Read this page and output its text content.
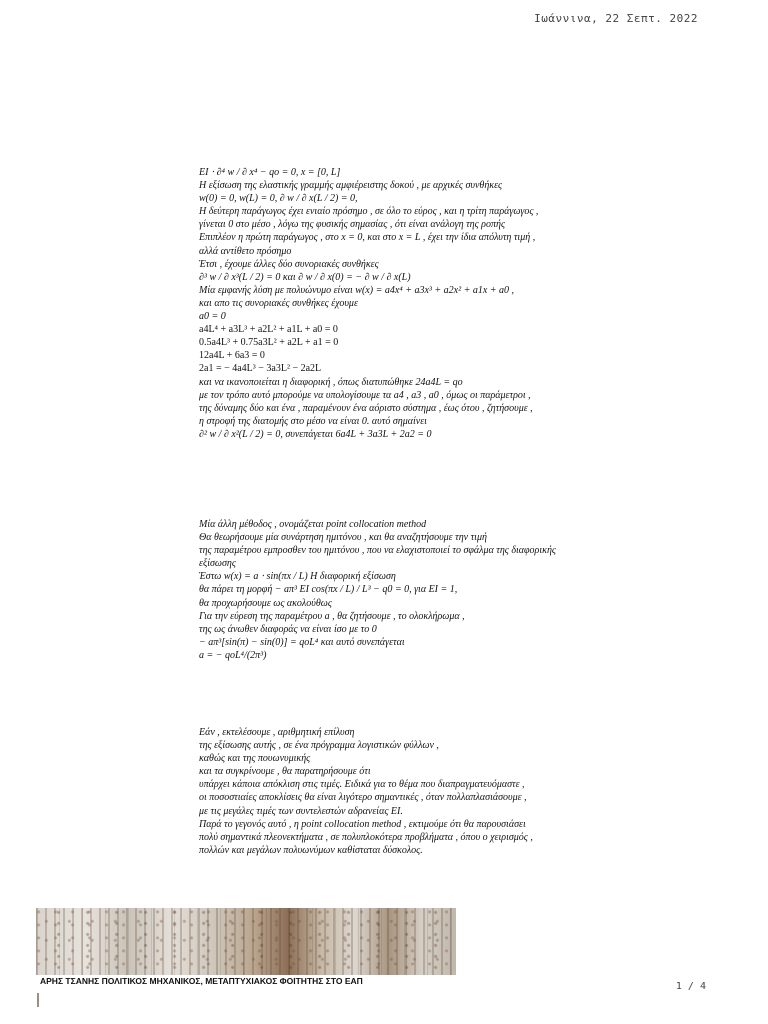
Ιωάννινα, 22 Σεπτ. 2022
EI ⋅ ∂⁴ w / ∂ x⁴ − qo = 0, x = [0, L]
Η εξίσωση της ελαστικής γραμμής αμφιέρειστης δοκού , με αρχικές συνθήκες
w(0) = 0, w(L) = 0, ∂ w / ∂ x(L / 2) = 0,
Η δεύτερη παράγωγος έχει ενιαίο πρόσημο , σε όλο το εύρος , και η τρίτη παράγωγος ,
γίνεται 0 στο μέσο , λόγω της φυσικής σημασίας , ότι είναι ανάλογη της ροπής
Επιπλέον η πρώτη παράγωγος , στο x = 0, και στο x = L , έχει την ίδια απόλυτη τιμή ,
αλλά αντίθετο πρόσημο
Έτσι , έχουμε άλλες δύο συνοριακές συνθήκες
∂³ w / ∂ x³(L / 2) = 0 και ∂ w / ∂ x(0) = − ∂ w / ∂ x(L)
Μία εμφανής λύση με πολυώνυμο είναι w(x) = a4x⁴ + a3x³ + a2x² + a1x + a0 ,
και απο τις συνοριακές συνθήκες έχουμε
a0 = 0
a4L⁴ + a3L³ + a2L² + a1L + a0 = 0
0.5a4L³ + 0.75a3L² + a2L + a1 = 0
12a4L + 6a3 = 0
2a1 = − 4a4L³ − 3a3L² − 2a2L
και να ικανοποιείται η διαφορική , όπως διατυπώθηκε 24a4L = qo
με τον τρόπο αυτό μπορούμε να υπολογίσουμε τα a4 , a3 , a0 , όμως οι παράμετροι ,
της δύναμης δύο και ένα , παραμένουν ένα αόριστο σύστημα , έως ότου , ζητήσουμε ,
η στροφή της διατομής στο μέσο να είναι 0. αυτό σημαίνει
∂² w / ∂ x²(L / 2) = 0, συνεπάγεται 6a4L + 3a3L + 2a2 = 0
Μία άλλη μέθοδος , ονομάζεται point collocation method
Θα θεωρήσουμε μία συνάρτηση ημιτόνου , και θα αναζητήσουμε την τιμή
της παραμέτρου εμπροσθεν του ημιτόνου , που να ελαχιστοποιεί το σφάλμα της διαφορικής
εξίσωσης
Έστω w(x) = a ⋅ sin(πx / L) Η διαφορική εξίσωση
θα πάρει τη μορφή − aπ³ EI cos(πx / L) / L³ − q0 = 0, για EI = 1,
θα προχωρήσουμε ως ακολούθως
Για την εύρεση της παραμέτρου a , θα ζητήσουμε , το ολοκλήρωμα ,
της ως άνωθεν διαφοράς να είναι ίσο με το 0
− aπ³[sin(π) − sin(0)] = qoL⁴ και αυτό συνεπάγεται
a = − qoL⁴/(2π³)
Εάν , εκτελέσουμε , αριθμητική επίλυση
της εξίσωσης αυτής , σε ένα πρόγραμμα λογιστικών φύλλων ,
καθώς και της πουωνυμικής
και τα συγκρίνουμε , θα παρατηρήσουμε ότι
υπάρχει κάποια απόκλιση στις τιμές. Ειδικά για το θέμα που διαπραγματευόμαστε ,
οι ποσοστιαίες αποκλίσεις θα είναι λιγότερο σημαντικές , όταν πολλαπλασιάσουμε ,
με τις μεγάλες τιμές των συντελεστών αδρανείας EI.
Παρά το γεγονός αυτό , η point collocation method , εκτιμούμε ότι θα παρουσιάσει
πολύ σημαντικά πλεονεκτήματα , σε πολυπλοκότερα προβλήματα , όπου ο χειρισμός ,
πολλών και μεγάλων πολυωνύμων καθίσταται δύσκολος.
ΑΡΗΣ ΤΣΑΝΗΣ ΠΟΛΙΤΙΚΟΣ ΜΗΧΑΝΙΚΟΣ, ΜΕΤΑΠΤΥΧΙΑΚΟΣ ΦΟΙΤΗΤΗΣ ΣΤΟ ΕΑΠ	1 / 4
